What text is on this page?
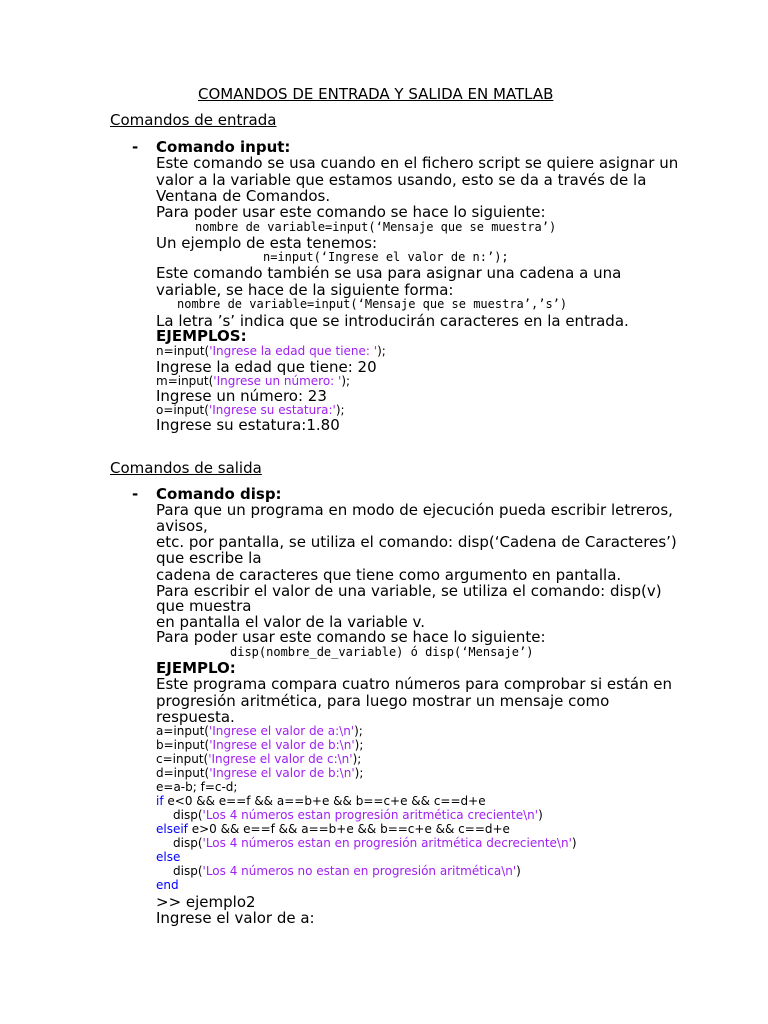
COMANDOS DE ENTRADA Y SALIDA EN MATLAB
Comandos de entrada
- Comando input:
Este comando se usa cuando en el fichero script se quiere asignar un
valor a la variable que estamos usando, esto se da a través de la
Ventana de Comandos.
Para poder usar este comando se hace lo siguiente:
nombre de variable=input(‘Mensaje que se muestra’)
Un ejemplo de esta tenemos:
n=input(‘Ingrese el valor de n:’);
Este comando también se usa para asignar una cadena a una
variable, se hace de la siguiente forma:
nombre de variable=input(‘Mensaje que se muestra’,’s’)
La letra ’s’ indica que se introducirán caracteres en la entrada.
EJEMPLOS:
n=input('Ingrese la edad que tiene: ');
Ingrese la edad que tiene: 20
m=input('Ingrese un número: ');
Ingrese un número: 23
o=input('Ingrese su estatura:');
Ingrese su estatura:1.80
Comandos de salida
- Comando disp:
Para que un programa en modo de ejecución pueda escribir letreros,
avisos,
etc. por pantalla, se utiliza el comando: disp(‘Cadena de Caracteres’)
que escribe la
cadena de caracteres que tiene como argumento en pantalla.
Para escribir el valor de una variable, se utiliza el comando: disp(v)
que muestra
en pantalla el valor de la variable v.
Para poder usar este comando se hace lo siguiente:
disp(nombre_de_variable) ó disp(‘Mensaje’)
EJEMPLO:
Este programa compara cuatro números para comprobar si están en
progresión aritmética, para luego mostrar un mensaje como
respuesta.
a=input('Ingrese el valor de a:\n');
b=input('Ingrese el valor de b:\n');
c=input('Ingrese el valor de c:\n');
d=input('Ingrese el valor de b:\n');
e=a-b; f=c-d;
if e<0 && e==f && a==b+e && b==c+e && c==d+e
disp('Los 4 números estan progresión aritmética creciente\n')
elseif e>0 && e==f && a==b+e && b==c+e && c==d+e
disp('Los 4 números estan en progresión aritmética decreciente\n')
else
disp('Los 4 números no estan en progresión aritmética\n')
end
>> ejemplo2
Ingrese el valor de a:
